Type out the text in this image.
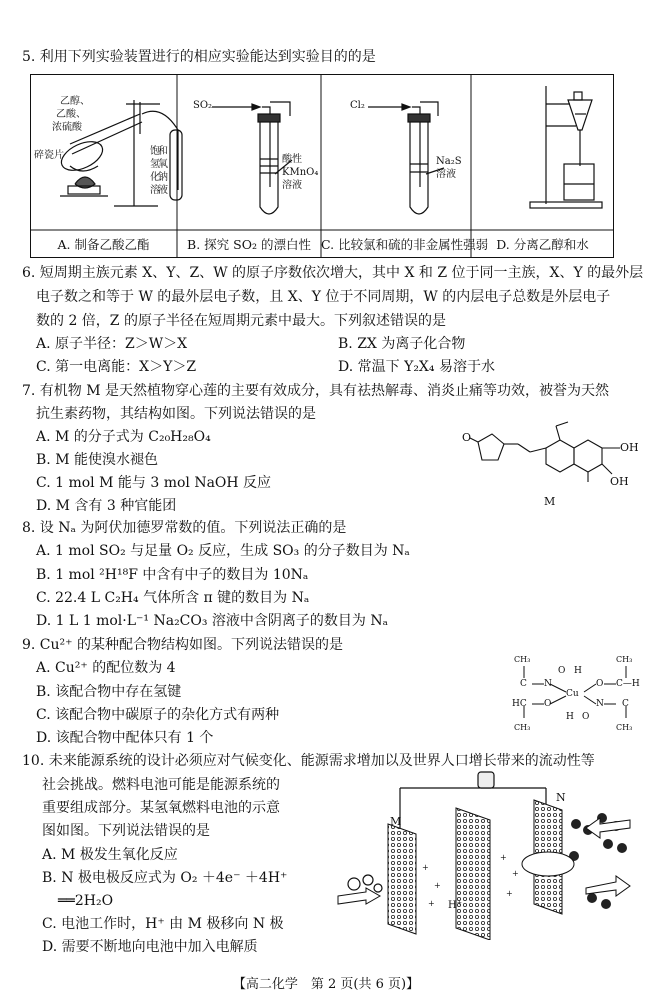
5. 利用下列实验装置进行的相应实验能达到实验目的的是
乙醇、
乙酸、
浓硫酸
碎瓷片	饱
和
氢
氧
化
钠
溶
液
SO₂
酸性
KMnO₄
溶液
Cl₂
Na₂S
溶液
A. 制备乙酸乙酯	B. 探究 SO₂ 的漂白性 C. 比较氯和硫的非金属性强弱 D. 分离乙醇和水
6. 短周期主族元素 X、Y、Z、W 的原子序数依次增大，其中 X 和 Z 位于同一主族，X、Y 的最外层
电子数之和等于 W 的最外层电子数，且 X、Y 位于不同周期，W 的内层电子总数是外层电子
数的 2 倍，Z 的原子半径在短周期元素中最大。下列叙述错误的是
A. 原子半径：Z＞W＞X	B. ZX 为离子化合物
C. 第一电离能：X＞Y＞Z	D. 常温下 Y₂X₄ 易溶于水
7. 有机物 M 是天然植物穿心莲的主要有效成分，具有祛热解毒、消炎止痛等功效，被誉为天然
抗生素药物，其结构如图。下列说法错误的是
A. M 的分子式为 C₂₀H₂₈O₄
B. M 能使溴水褪色
C. 1 mol M 能与 3 mol NaOH 反应
D. M 含有 3 种官能团
O
OH
OH
M
8. 设 Nₐ 为阿伏加德罗常数的值。下列说法正确的是
A. 1 mol SO₂ 与足量 O₂ 反应，生成 SO₃ 的分子数目为 Nₐ
B. 1 mol ²H¹⁸F 中含有中子的数目为 10Nₐ
C. 22.4 L C₂H₄ 气体所含 π 键的数目为 Nₐ
D. 1 L 1 mol·L⁻¹ Na₂CO₃ 溶液中含阴离子的数目为 Nₐ
9. Cu²⁺ 的某种配合物结构如图。下列说法错误的是
A. Cu²⁺ 的配位数为 4
B. 该配合物中存在氢键
C. 该配合物中碳原子的杂化方式有两种
D. 该配合物中配体只有 1 个
CH₃	CH₃
CH₃	CH₃
C
HC
N
O
O
Cu
O C—H
N
O
C
H
H
10. 未来能源系统的设计必须应对气候变化、能源需求增加以及世界人口增长带来的流动性等
社会挑战。燃料电池可能是能源系统的
重要组成部分。某氢氧燃料电池的示意
图如图。下列说法错误的是
A. M 极发生氧化反应
B. N 极电极反应式为 O₂ ＋4e⁻ ＋4H⁺
══2H₂O
C. 电池工作时，H⁺ 由 M 极移向 N 极
D. 需要不断地向电池中加入电解质
+
+
+
+
+
+
M
N
H⁺
【高二化学　第 2 页(共 6 页)】
